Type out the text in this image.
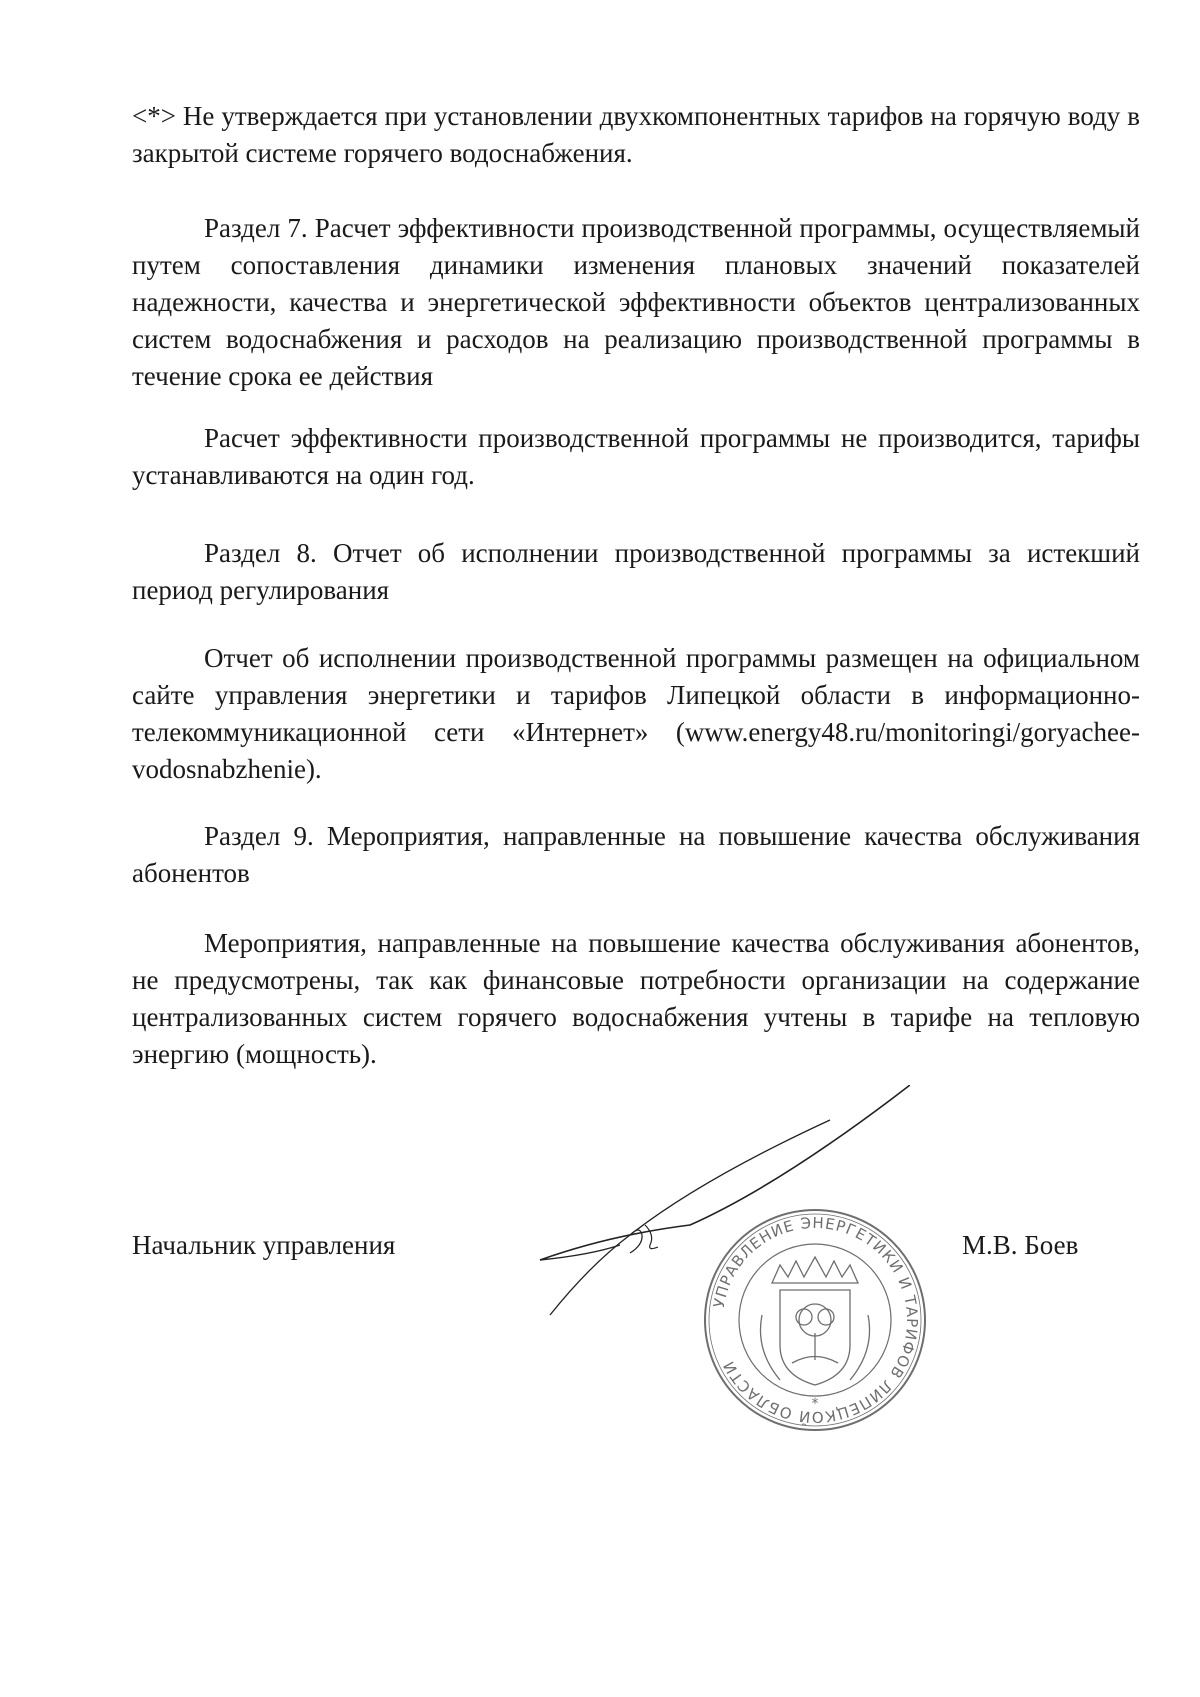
<*> Не утверждается при установлении двухкомпонентных тарифов на горячую воду в закрытой системе горячего водоснабжения.

Раздел 7. Расчет эффективности производственной программы, осуществляемый путем сопоставления динамики изменения плановых значений показателей надежности, качества и энергетической эффективности объектов централизованных систем водоснабжения и расходов на реализацию производственной программы в течение срока ее действия

Расчет эффективности производственной программы не производится, тарифы устанавливаются на один год.

Раздел 8. Отчет об исполнении производственной программы за истекший период регулирования

Отчет об исполнении производственной программы размещен на официальном сайте управления энергетики и тарифов Липецкой области в информационно-телекоммуникационной сети «Интернет» (www.energy48.ru/monitoringi/goryachee-vodosnabzhenie).

Раздел 9. Мероприятия, направленные на повышение качества обслуживания абонентов

Мероприятия, направленные на повышение качества обслуживания абонентов, не предусмотрены, так как финансовые потребности организации на содержание централизованных систем горячего водоснабжения учтены в тарифе на тепловую энергию (мощность).

Начальник управления	М.В. Боев

УПРАВЛЕНИЕ ЭНЕРГЕТИКИ И ТАРИФОВ ЛИПЕЦКОЙ ОБЛАСТИ
*
